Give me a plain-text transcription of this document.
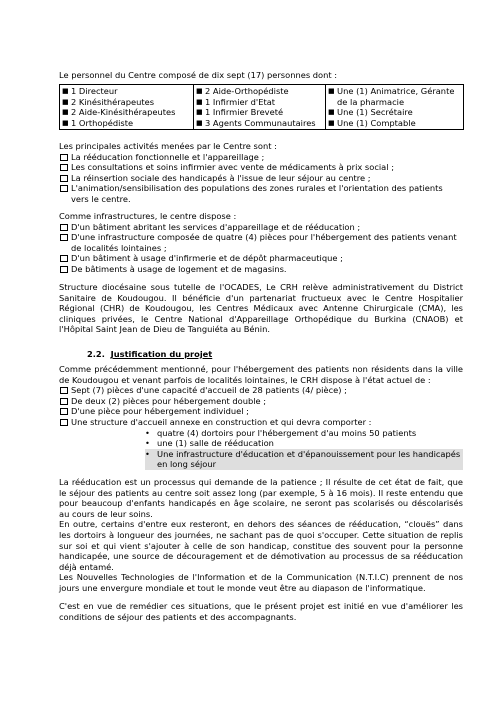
Le personnel du Centre composé de dix sept (17) personnes dont :

■ 1 Directeur
■ 2 Kinésithérapeutes
■ 2 Aide-Kinésithérapeutes
■ 1 Orthopédiste

■ 2 Aide-Orthopédiste
■ 1 Infirmier d'Etat
■ 1 Infirmier Breveté
■ 3 Agents Communautaires

■ Une (1) Animatrice, Gérante de la pharmacie
■ Une (1) Secrétaire
■ Une (1) Comptable

Les principales activités menées par le Centre sont :

La rééducation fonctionnelle et l'appareillage ;
Les consultations et soins infirmier avec vente de médicaments à prix social ;
La réinsertion sociale des handicapés à l'issue de leur séjour au centre ;
L'animation/sensibilisation des populations des zones rurales et l'orientation des patients vers le centre.

Comme infrastructures, le centre dispose :

D'un bâtiment abritant les services d'appareillage et de rééducation ;
D'une infrastructure composée de quatre (4) pièces pour l'hébergement des patients venant de localités lointaines ;
D'un bâtiment à usage d'infirmerie et de dépôt pharmaceutique ;
De bâtiments à usage de logement et de magasins.

Structure diocésaine sous tutelle de l'OCADES, Le CRH relève administrativement du District Sanitaire de Koudougou. Il bénéficie d'un partenariat fructueux avec le Centre Hospitalier Régional (CHR) de Koudougou, les Centres Médicaux avec Antenne Chirurgicale (CMA), les cliniques privées, le Centre National d'Appareillage Orthopédique du Burkina (CNAOB) et l'Hôpital Saint Jean de Dieu de Tanguiéta au Bénin.

2.2. Justification du projet

Comme précédemment mentionné, pour l'hébergement des patients non résidents dans la ville de Koudougou et venant parfois de localités lointaines, le CRH dispose à l'état actuel de :

Sept (7) pièces d'une capacité d'accueil de 28 patients (4/ pièce) ;
De deux (2) pièces pour hébergement double ;
D'une pièce pour hébergement individuel ;
Une structure d'accueil annexe en construction et qui devra comporter :
• quatre (4) dortoirs pour l'hébergement d'au moins 50 patients
• une (1) salle de rééducation
• Une infrastructure d'éducation et d'épanouissement pour les handicapés en long séjour

La rééducation est un processus qui demande de la patience ; Il résulte de cet état de fait, que le séjour des patients au centre soit assez long (par exemple, 5 à 16 mois). Il reste entendu que pour beaucoup d'enfants handicapés en âge scolaire, ne seront pas scolarisés ou déscolarisés au cours de leur soins.

En outre, certains d'entre eux resteront, en dehors des séances de rééducation, “clouës” dans les dortoirs à longueur des journées, ne sachant pas de quoi s'occuper. Cette situation de replis sur soi et qui vient s'ajouter à celle de son handicap, constitue des souvent pour la personne handicapée, une source de découragement et de démotivation au processus de sa rééducation déjà entamé.

Les Nouvelles Technologies de l'Information et de la Communication (N.T.I.C) prennent de nos jours une envergure mondiale et tout le monde veut être au diapason de l'informatique.

C'est en vue de remédier ces situations, que le présent projet est initié en vue d'améliorer les conditions de séjour des patients et des accompagnants.
